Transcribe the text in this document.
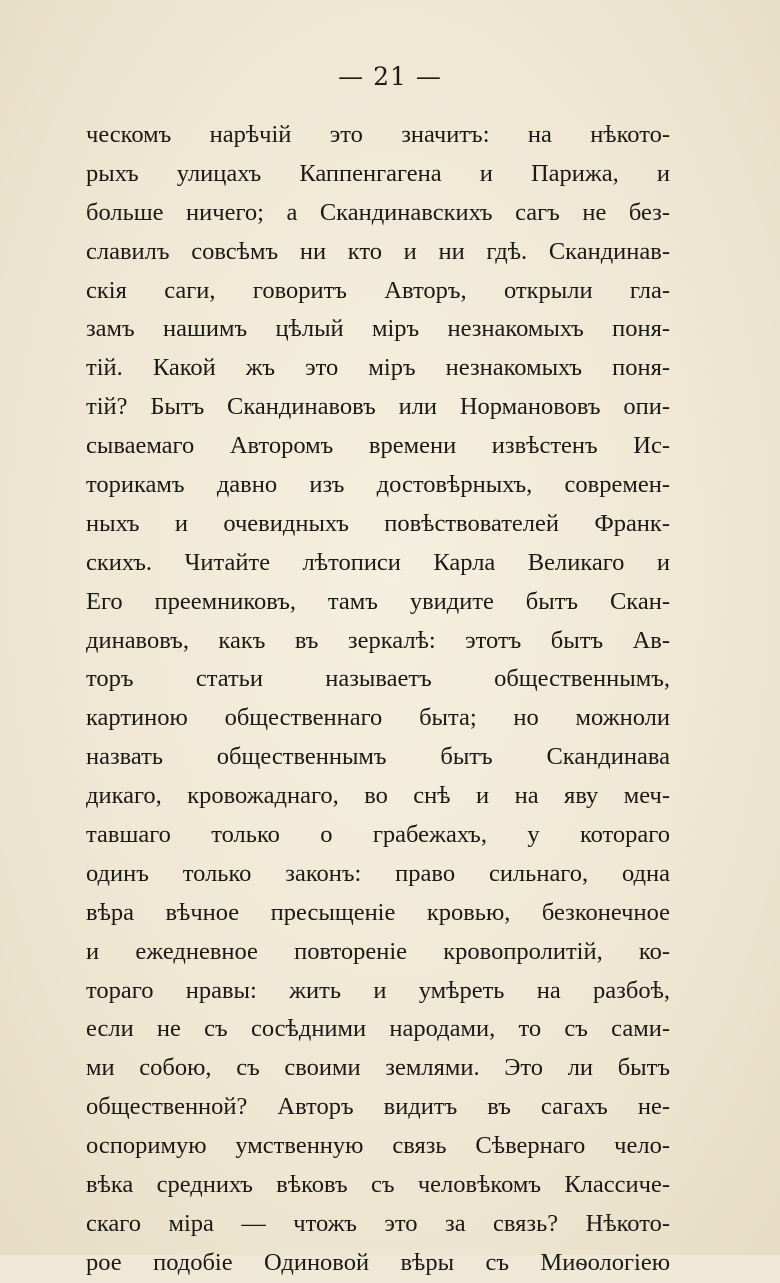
— 21 —
ческомъ нарѣчій это значитъ: на нѣкото-
рыхъ улицахъ Каппенгагена и Парижа, и
больше ничего; а Скандинавскихъ сагъ не без-
славилъ совсѣмъ ни кто и ни гдѣ. Скандинав-
скія саги, говоритъ Авторъ, открыли гла-
замъ нашимъ цѣлый міръ незнакомыхъ поня-
тій. Какой жъ это міръ незнакомыхъ поня-
тій? Бытъ Скандинавовъ или Норманововъ опи-
сываемаго Авторомъ времени извѣстенъ Ис-
торикамъ давно изъ достовѣрныхъ, современ-
ныхъ и очевидныхъ повѣствователей Франк-
скихъ. Читайте лѣтописи Карла Великаго и
Его преемниковъ, тамъ увидите бытъ Скан-
динавовъ, какъ въ зеркалѣ: этотъ бытъ Ав-
торъ статьи называетъ общественнымъ,
картиною общественнаго быта; но можноли
назвать общественнымъ бытъ Скандинава
дикаго, кровожаднаго, во снѣ и на яву меч-
тавшаго только о грабежахъ, у котораго
одинъ только законъ: право сильнаго, одна
вѣра вѣчное пресыщеніе кровью, безконечное
и ежедневное повтореніе кровопролитій, ко-
тораго нравы: жить и умѣреть на разбоѣ,
если не съ сосѣдними народами, то съ сами-
ми собою, съ своими землями. Это ли бытъ
общественной? Авторъ видитъ въ сагахъ не-
оспоримую умственную связь Сѣвернаго чело-
вѣка среднихъ вѣковъ съ человѣкомъ Классиче-
скаго міра — чтожъ это за связь? Нѣкото-
рое подобіе Одиновой вѣры съ Миѳологіею
